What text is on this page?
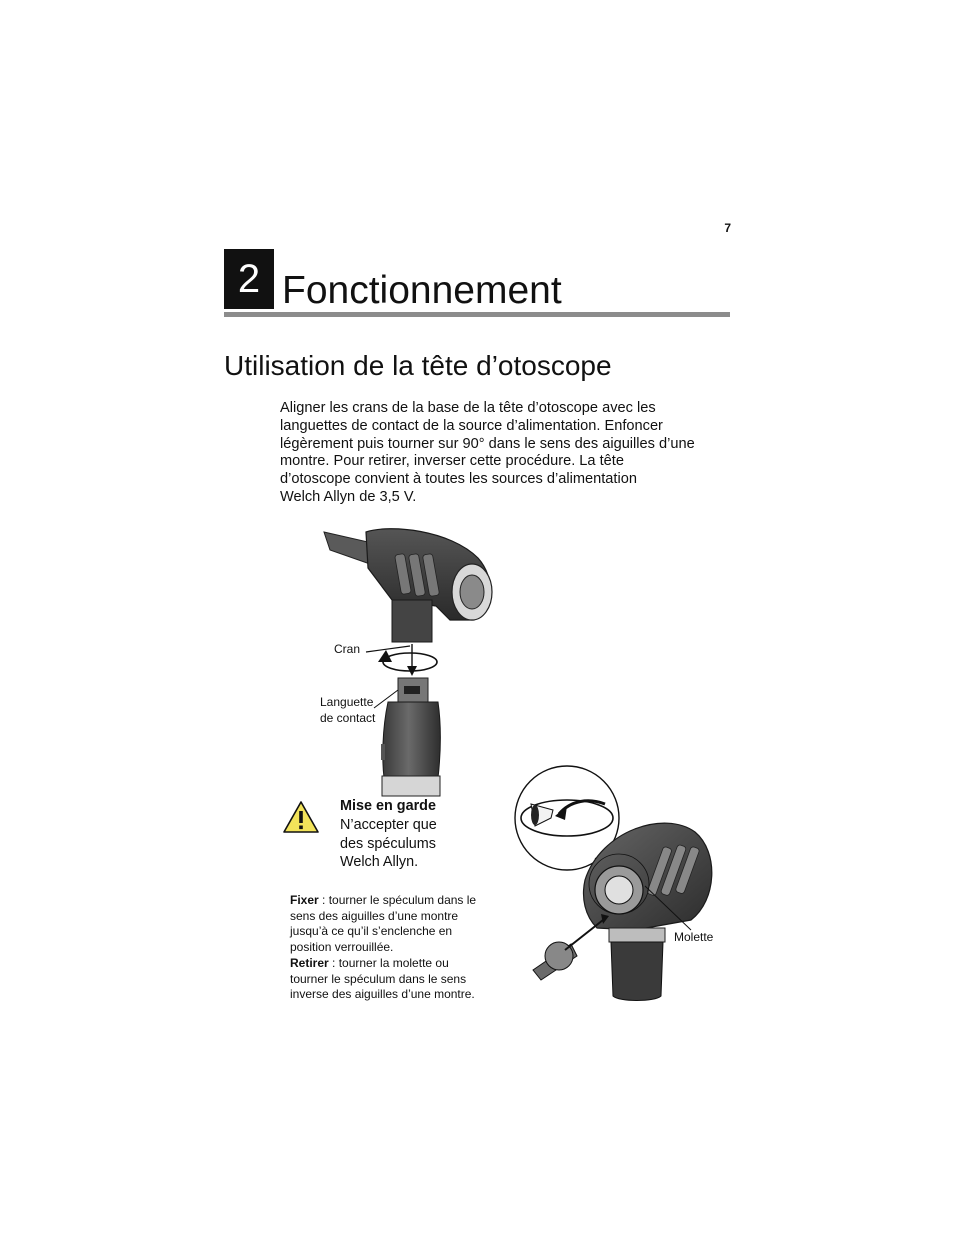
7
2 Fonctionnement
Utilisation de la tête d’otoscope
Aligner les crans de la base de la tête d’otoscope avec les
languettes de contact de la source d’alimentation. Enfoncer
légèrement puis tourner sur 90° dans le sens des aiguilles d’une
montre. Pour retirer, inverser cette procédure. La tête
d’otoscope convient à toutes les sources d’alimentation
Welch Allyn de 3,5 V.
Cran
Languette
de contact
Mise en garde
N’accepter que
des spéculums
Welch Allyn.
Fixer : tourner le spéculum dans le
sens des aiguilles d’une montre
jusqu’à ce qu’il s’enclenche en
position verrouillée.
Retirer : tourner la molette ou
tourner le spéculum dans le sens
inverse des aiguilles d’une montre.
Molette
